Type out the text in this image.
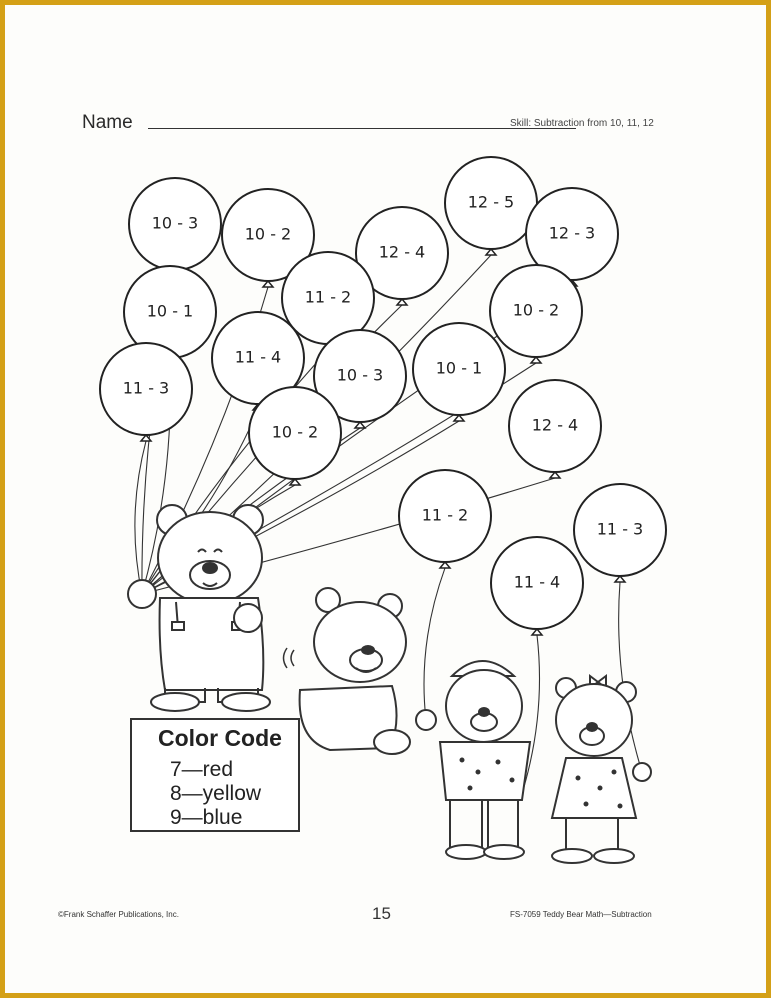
Name	Skill: Subtraction from 10, 11, 12
10 - 3
10 - 2
12 - 4
12 - 5
12 - 3
10 - 1
11 - 2
10 - 2
11 - 3
11 - 4
10 - 3	10 - 1
10 - 2	12 - 4
11 - 2
11 - 4
11 - 3
Color Code
7—red
8—yellow
9—blue
©Frank Schaffer Publications, Inc.	15	FS-7059 Teddy Bear Math—Subtraction
